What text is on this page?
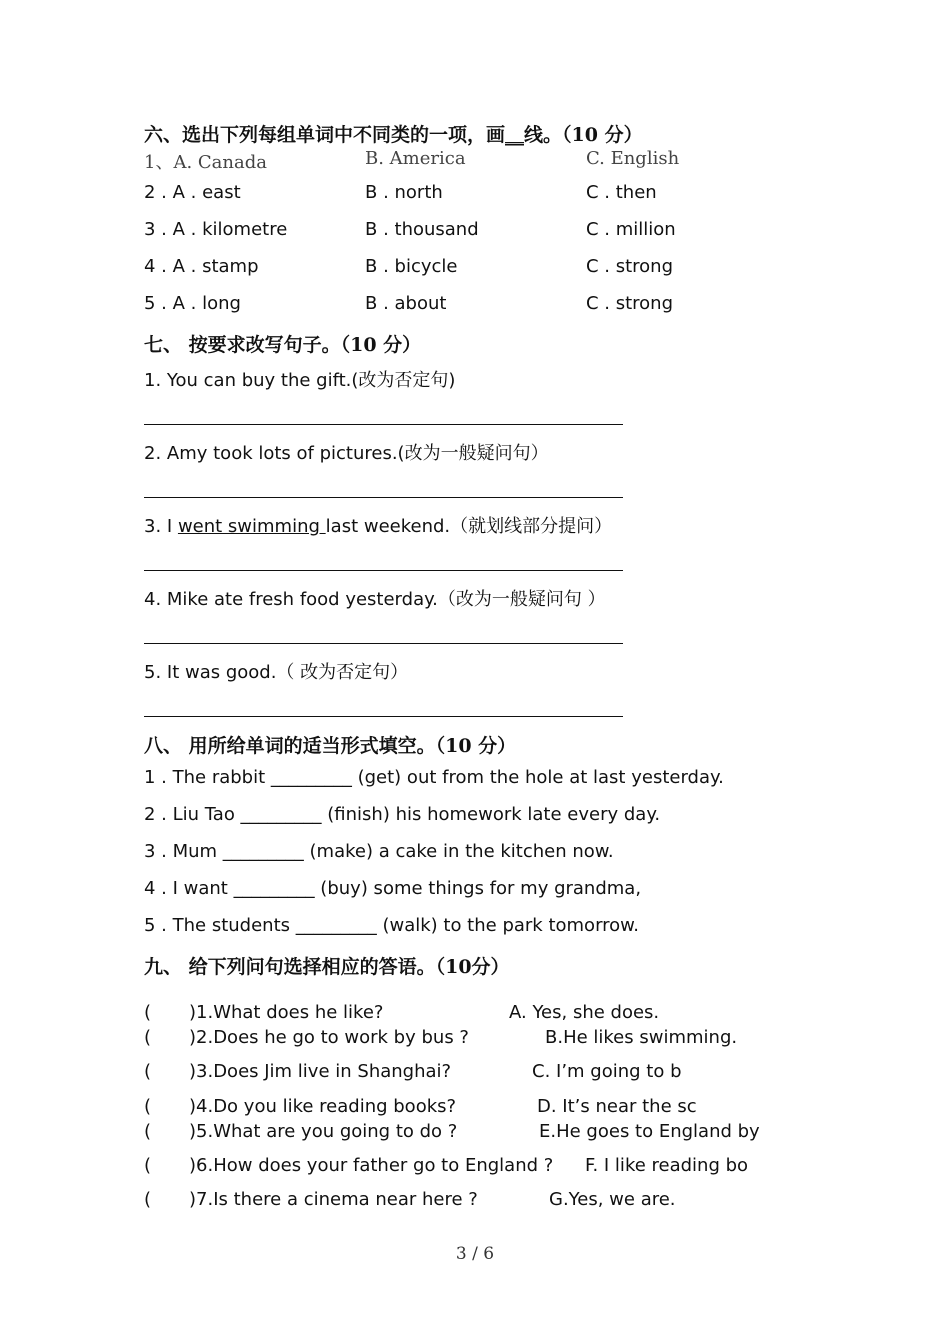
六、选出下列每组单词中不同类的一项，画__线。（10 分）
1、A. Canada	B. America	C. English
2 . A . east	B . north	C . then
3 . A . kilometre	B . thousand	C . million
4 . A . stamp	B . bicycle	C . strong
5 . A . long	B . about	C . strong
七、 按要求改写句子。（10 分）
1. You can buy the gift.(改为否定句)
2. Amy took lots of pictures.(改为一般疑问句）
3. I went swimming last weekend.（就划线部分提问）
4. Mike ate fresh food yesterday.（改为一般疑问句 ）
5. It was good.（ 改为否定句）
八、 用所给单词的适当形式填空。（10 分）
1 . The rabbit _________ (get) out from the hole at last yesterday.
2 . Liu Tao _________ (finish) his homework late every day.
3 . Mum _________ (make) a cake in the kitchen now.
4 . I want _________ (buy) some things for my grandma,
5 . The students _________ (walk) to the park tomorrow.
九、 给下列问句选择相应的答语。（10分）
( )1.What does he like?	A. Yes, she does.
( )2.Does he go to work by bus ?	B.He likes swimming.
( )3.Does Jim live in Shanghai?	C. I’m going to b
( )4.Do you like reading books?	D. It’s near the sc
( )5.What are you going to do ?	E.He goes to England by
( )6.How does your father go to England ? F. I like reading bo
( )7.Is there a cinema near here ?	G.Yes, we are.
3 / 6
